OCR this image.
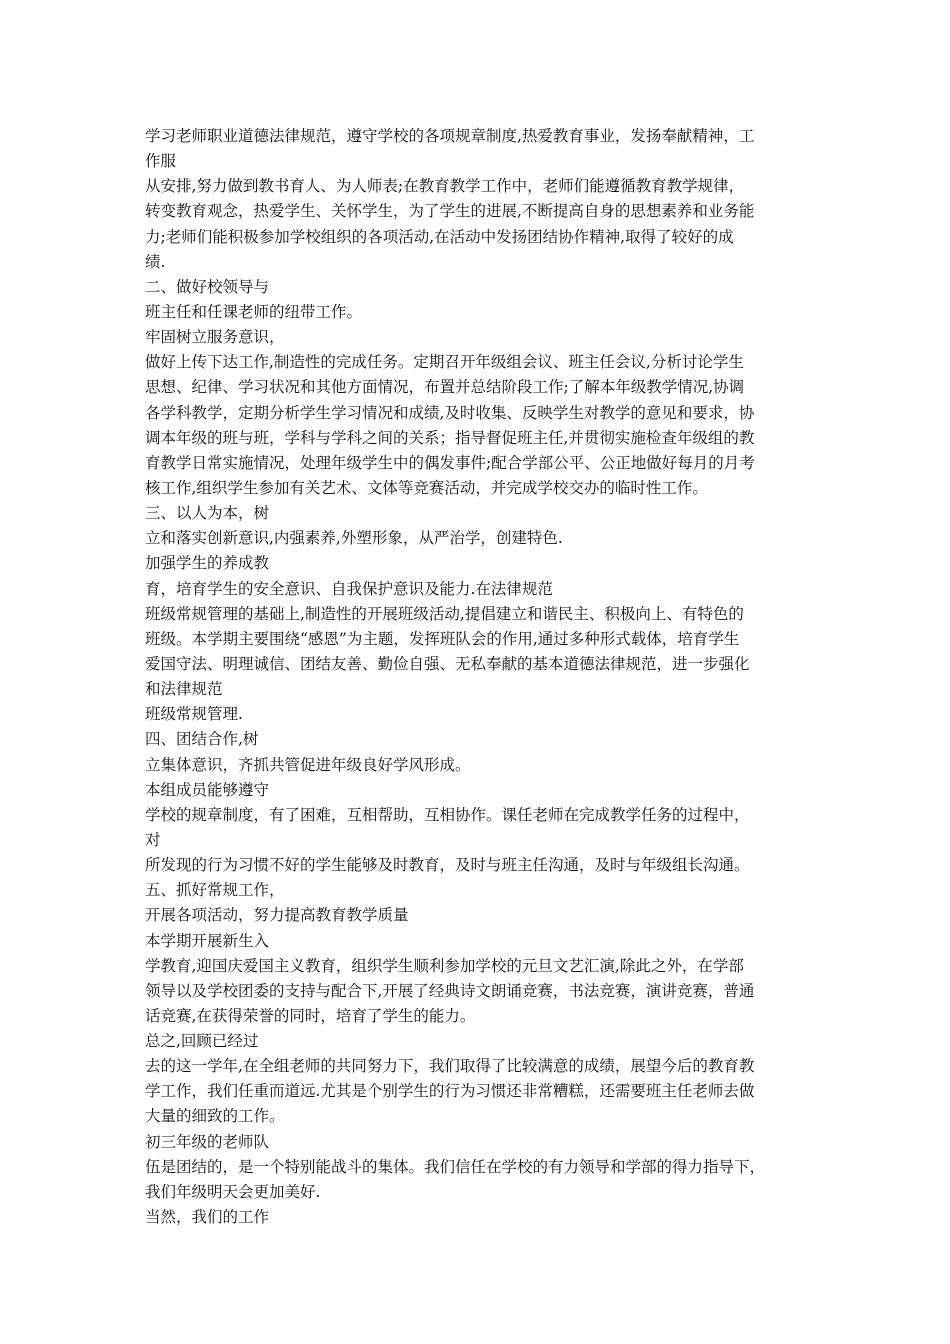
学习老师职业道德法律规范，遵守学校的各项规章制度,热爱教育事业，发扬奉献精神，工
作服
从安排,努力做到教书育人、为人师表;在教育教学工作中，老师们能遵循教育教学规律，
转变教育观念，热爱学生、关怀学生，为了学生的进展,不断提高自身的思想素养和业务能
力;老师们能积极参加学校组织的各项活动,在活动中发扬团结协作精神,取得了较好的成
绩.
二、做好校领导与
班主任和任课老师的纽带工作。
牢固树立服务意识，
做好上传下达工作,制造性的完成任务。定期召开年级组会议、班主任会议,分析讨论学生
思想、纪律、学习状况和其他方面情况，布置并总结阶段工作;了解本年级教学情况,协调
各学科教学，定期分析学生学习情况和成绩,及时收集、反映学生对教学的意见和要求，协
调本年级的班与班，学科与学科之间的关系；指导督促班主任,并贯彻实施检查年级组的教
育教学日常实施情况，处理年级学生中的偶发事件;配合学部公平、公正地做好每月的月考
核工作,组织学生参加有关艺术、文体等竞赛活动，并完成学校交办的临时性工作。
三、以人为本，树
立和落实创新意识,内强素养,外塑形象，从严治学，创建特色.
加强学生的养成教
育，培育学生的安全意识、自我保护意识及能力.在法律规范
班级常规管理的基础上,制造性的开展班级活动,提倡建立和谐民主、积极向上、有特色的
班级。本学期主要围绕“感恩”为主题，发挥班队会的作用,通过多种形式载体，培育学生
爱国守法、明理诚信、团结友善、勤俭自强、无私奉献的基本道德法律规范，进一步强化
和法律规范
班级常规管理.
四、团结合作,树
立集体意识，齐抓共管促进年级良好学风形成。
本组成员能够遵守
学校的规章制度，有了困难，互相帮助，互相协作。课任老师在完成教学任务的过程中，
对
所发现的行为习惯不好的学生能够及时教育，及时与班主任沟通，及时与年级组长沟通。
五、抓好常规工作，
开展各项活动，努力提高教育教学质量
本学期开展新生入
学教育,迎国庆爱国主义教育，组织学生顺利参加学校的元旦文艺汇演,除此之外，在学部
领导以及学校团委的支持与配合下,开展了经典诗文朗诵竞赛，书法竞赛，演讲竞赛，普通
话竞赛,在获得荣誉的同时，培育了学生的能力。
总之,回顾已经过
去的这一学年,在全组老师的共同努力下，我们取得了比较满意的成绩，展望今后的教育教
学工作，我们任重而道远.尤其是个别学生的行为习惯还非常糟糕，还需要班主任老师去做
大量的细致的工作。
初三年级的老师队
伍是团结的，是一个特别能战斗的集体。我们信任在学校的有力领导和学部的得力指导下，
我们年级明天会更加美好.
当然，我们的工作
